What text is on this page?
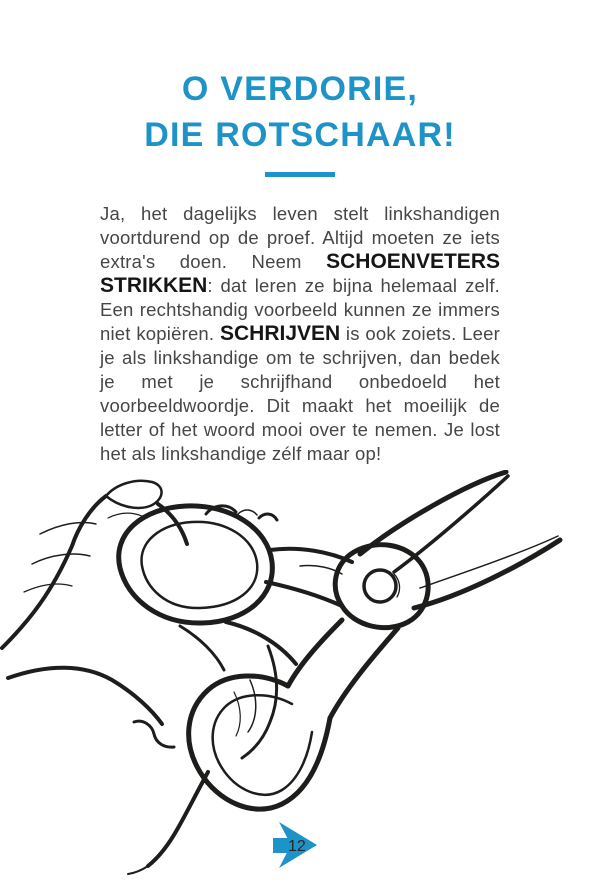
O VERDORIE,
DIE ROTSCHAAR!

Ja, het dagelijks leven stelt linkshandigen voortdurend op de proef. Altijd moeten ze iets extra's doen. Neem SCHOENVETERS STRIKKEN: dat leren ze bijna helemaal zelf. Een rechtshandig voorbeeld kunnen ze immers niet kopiëren. SCHRIJVEN is ook zoiets. Leer je als linkshandige om te schrijven, dan bedek je met je schrijfhand onbedoeld het voorbeeldwoordje. Dit maakt het moeilijk de letter of het woord mooi over te nemen. Je lost het als linkshandige zélf maar op!

12
